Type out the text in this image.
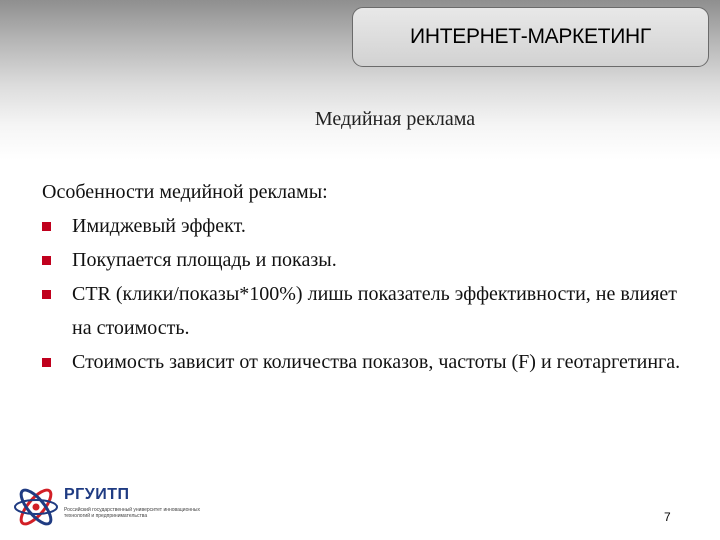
ИНТЕРНЕТ-МАРКЕТИНГ
Медийная реклама

Особенности медийной рекламы:

Имиджевый эффект.
Покупается площадь и показы.
CTR (клики/показы*100%) лишь показатель эффективности, не влияет на стоимость.
Стоимость зависит от количества показов, частоты (F) и геотаргетинга.
РГУИТП
Российский государственный университет инновационных технологий и предпринимательства	7
